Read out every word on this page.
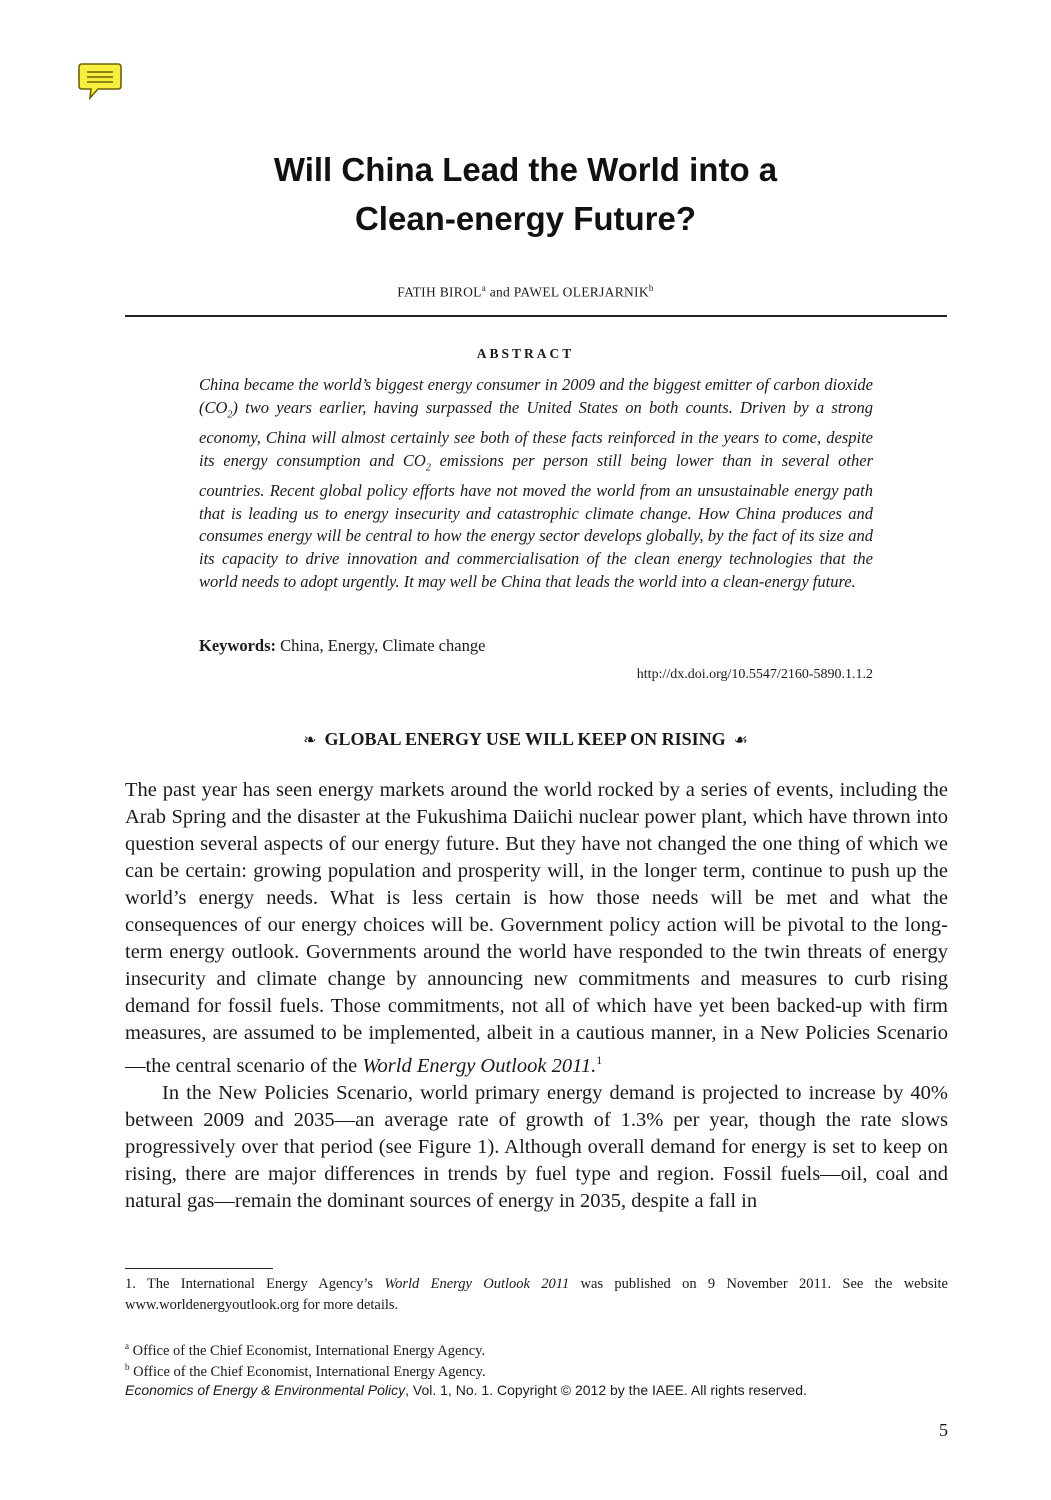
Will China Lead the World into a
Clean-energy Future?
FATIH BIROL$^a$ and PAWEL OLERJARNIK$^b$
ABSTRACT

China became the world’s biggest energy consumer in 2009 and the biggest emitter of carbon dioxide $(CO_2)$ two years earlier, having surpassed the United States on both counts. Driven by a strong economy, China will almost certainly see both of these facts reinforced in the years to come, despite its energy consumption and $CO_2$ emissions per person still being lower than in several other countries. Recent global policy efforts have not moved the world from an unsustainable energy path that is leading us to energy insecurity and catastrophic climate change. How China produces and consumes energy will be central to how the energy sector develops globally, by the fact of its size and its capacity to drive innovation and commercialisation of the clean energy technologies that the world needs to adopt urgently. It may well be China that leads the world into a clean-energy future.

Keywords: China, Energy, Climate change
http://dx.doi.org/10.5547/2160-5890.1.1.2
❧ GLOBAL ENERGY USE WILL KEEP ON RISING ☙

The past year has seen energy markets around the world rocked by a series of events, including the Arab Spring and the disaster at the Fukushima Daiichi nuclear power plant, which have thrown into question several aspects of our energy future. But they have not changed the one thing of which we can be certain: growing population and prosperity will, in the longer term, continue to push up the world’s energy needs. What is less certain is how those needs will be met and what the consequences of our energy choices will be. Government policy action will be pivotal to the long-term energy outlook. Governments around the world have responded to the twin threats of energy insecurity and climate change by announcing new commitments and measures to curb rising demand for fossil fuels. Those commitments, not all of which have yet been backed-up with firm measures, are assumed to be implemented, albeit in a cautious manner, in a New Policies Scenario—the central scenario of the World Energy Outlook 2011.$^1$

In the New Policies Scenario, world primary energy demand is projected to increase by 40% between 2009 and 2035—an average rate of growth of 1.3% per year, though the rate slows progressively over that period (see Figure 1). Although overall demand for energy is set to keep on rising, there are major differences in trends by fuel type and region. Fossil fuels—oil, coal and natural gas—remain the dominant sources of energy in 2035, despite a fall in

1. The International Energy Agency’s World Energy Outlook 2011 was published on 9 November 2011. See the website www.worldenergyoutlook.org for more details.

$^a$ Office of the Chief Economist, International Energy Agency.
$^b$ Office of the Chief Economist, International Energy Agency.
Economics of Energy & Environmental Policy, Vol. 1, No. 1. Copyright © 2012 by the IAEE. All rights reserved.
5
